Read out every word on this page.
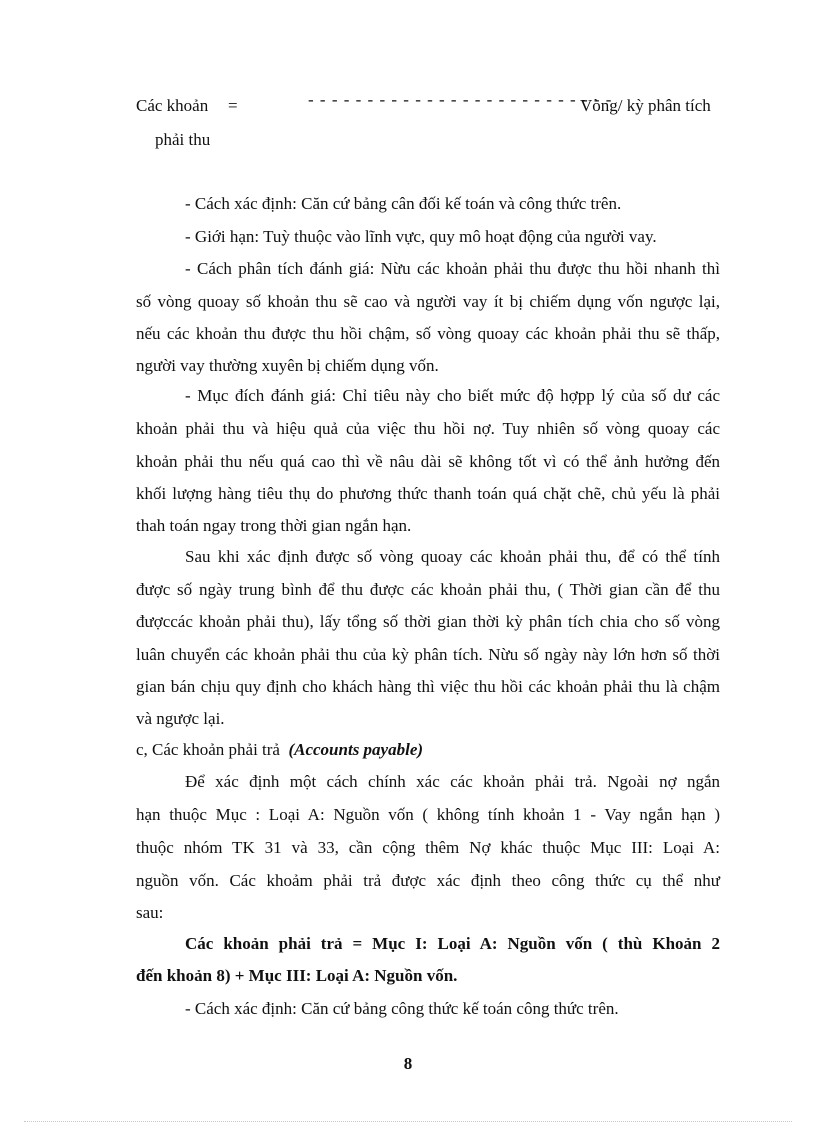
Các khoản =	- - - - - - - - - - - - - - - - - - - - - - - - - -
Vòng/ kỳ phân tích
phải thu
- Cách xác định: Căn cứ bảng cân đối kế toán và công thức trên.
- Giới hạn: Tuỳ thuộc vào lĩnh vực, quy mô hoạt động của người vay.
- Cách phân tích đánh giá: Nừu các khoản phải thu được thu hồi nhanh thì
số vòng quoay số khoản thu sẽ cao và người vay ít bị chiếm dụng vốn ngược lại,
nếu các khoản thu được thu hồi chậm, số vòng quoay các khoản phải thu sẽ thấp,
người vay thường xuyên bị chiếm dụng vốn.
- Mục đích đánh giá: Chỉ tiêu này cho biết mức độ hợpp lý của số dư các
khoản phải thu và hiệu quả của việc thu hồi nợ. Tuy nhiên số vòng quoay các
khoản phải thu nếu quá cao thì về nâu dài sẽ không tốt vì có thể ảnh hưởng đến
khối lượng hàng tiêu thụ do phương thức thanh toán quá chặt chẽ, chủ yếu là phải
thah toán ngay trong thời gian ngắn hạn.
Sau khi xác định được số vòng quoay các khoản phải thu, để có thể tính
được số ngày trung bình để thu được các khoản phải thu, ( Thời gian cần để thu
đượccác khoản phải thu), lấy tổng số thời gian thời kỳ phân tích chia cho số vòng
luân chuyển các khoản phải thu của kỳ phân tích. Nừu số ngày này lớn hơn số thời
gian bán chịu quy định cho khách hàng thì việc thu hồi các khoản phải thu là chậm
và ngược lại.
c, Các khoản phải trả (Accounts payable)
Để xác định một cách chính xác các khoản phải trả. Ngoài nợ ngắn
hạn thuộc Mục : Loại A: Nguồn vốn ( không tính khoản 1 - Vay ngắn hạn )
thuộc nhóm TK 31 và 33, cần cộng thêm Nợ khác thuộc Mục III: Loại A:
nguồn vốn. Các khoảm phải trả được xác định theo công thức cụ thể như
sau:
Các khoản phải trả = Mục I: Loại A: Nguồn vốn ( thù Khoản 2
đến khoản 8) + Mục III: Loại A: Nguồn vốn.
- Cách xác định: Căn cứ bảng công thức kế toán công thức trên.
8
